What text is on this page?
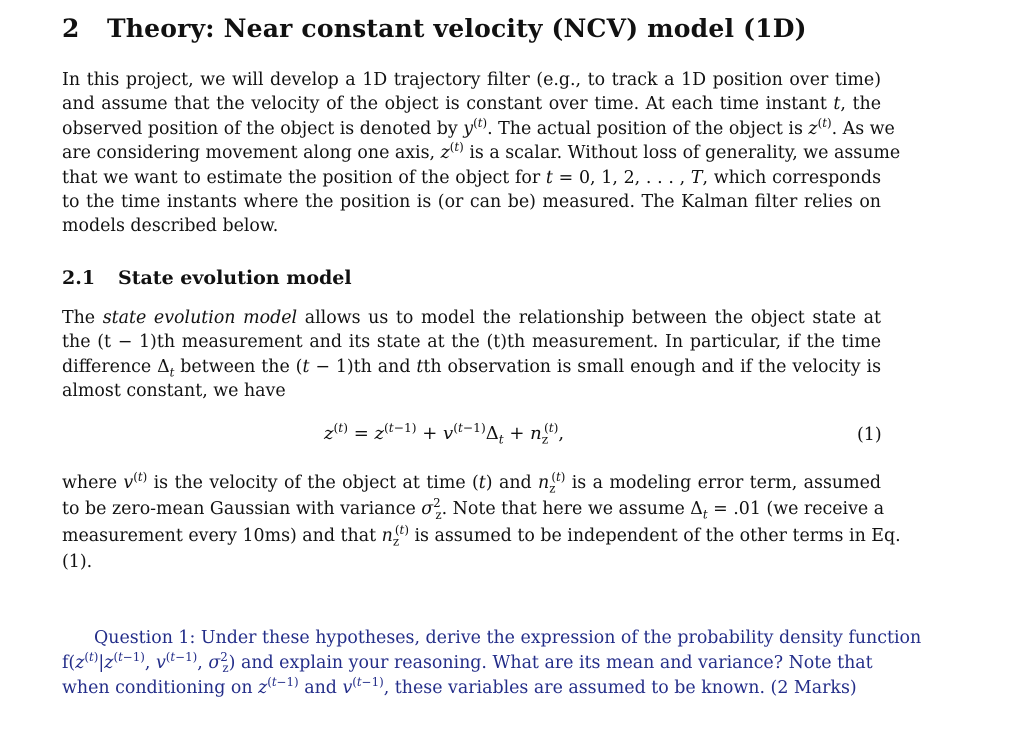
2 Theory: Near constant velocity (NCV) model (1D)
In this project, we will develop a 1D trajectory filter (e.g., to track a 1D position over time)
and assume that the velocity of the object is constant over time. At each time instant t, the
observed position of the object is denoted by $y^{(t)}$. The actual position of the object is $z^{(t)}$. As we
are considering movement along one axis, $z^{(t)}$ is a scalar. Without loss of generality, we assume
that we want to estimate the position of the object for t = 0, 1, 2, . . . , T, which corresponds
to the time instants where the position is (or can be) measured. The Kalman filter relies on
models described below.
2.1 State evolution model
The state evolution model allows us to model the relationship between the object state at
the (t − 1)th measurement and its state at the (t)th measurement. In particular, if the time
difference $\Delta_t$ between the (t − 1)th and tth observation is small enough and if the velocity is
almost constant, we have
$z^{(t)} = z^{(t-1)} + v^{(t-1)}\Delta_t + n_z^{(t)}$,	(1)
where $v^{(t)}$ is the velocity of the object at time (t) and $n_z^{(t)}$ is a modeling error term, assumed
to be zero-mean Gaussian with variance $\sigma^2_z$. Note that here we assume $\Delta_t = .01$ (we receive a
measurement every 10ms) and that $n_z^{(t)}$ is assumed to be independent of the other terms in Eq.
(1).
Question 1: Under these hypotheses, derive the expression of the probability density function
$f(z^{(t)}|z^{(t-1)}$, $v^{(t-1)}$, $\sigma^2_z$) and explain your reasoning. What are its mean and variance? Note that
when conditioning on $z^{(t-1)}$ and $v^{(t-1)}$, these variables are assumed to be known. (2 Marks)
